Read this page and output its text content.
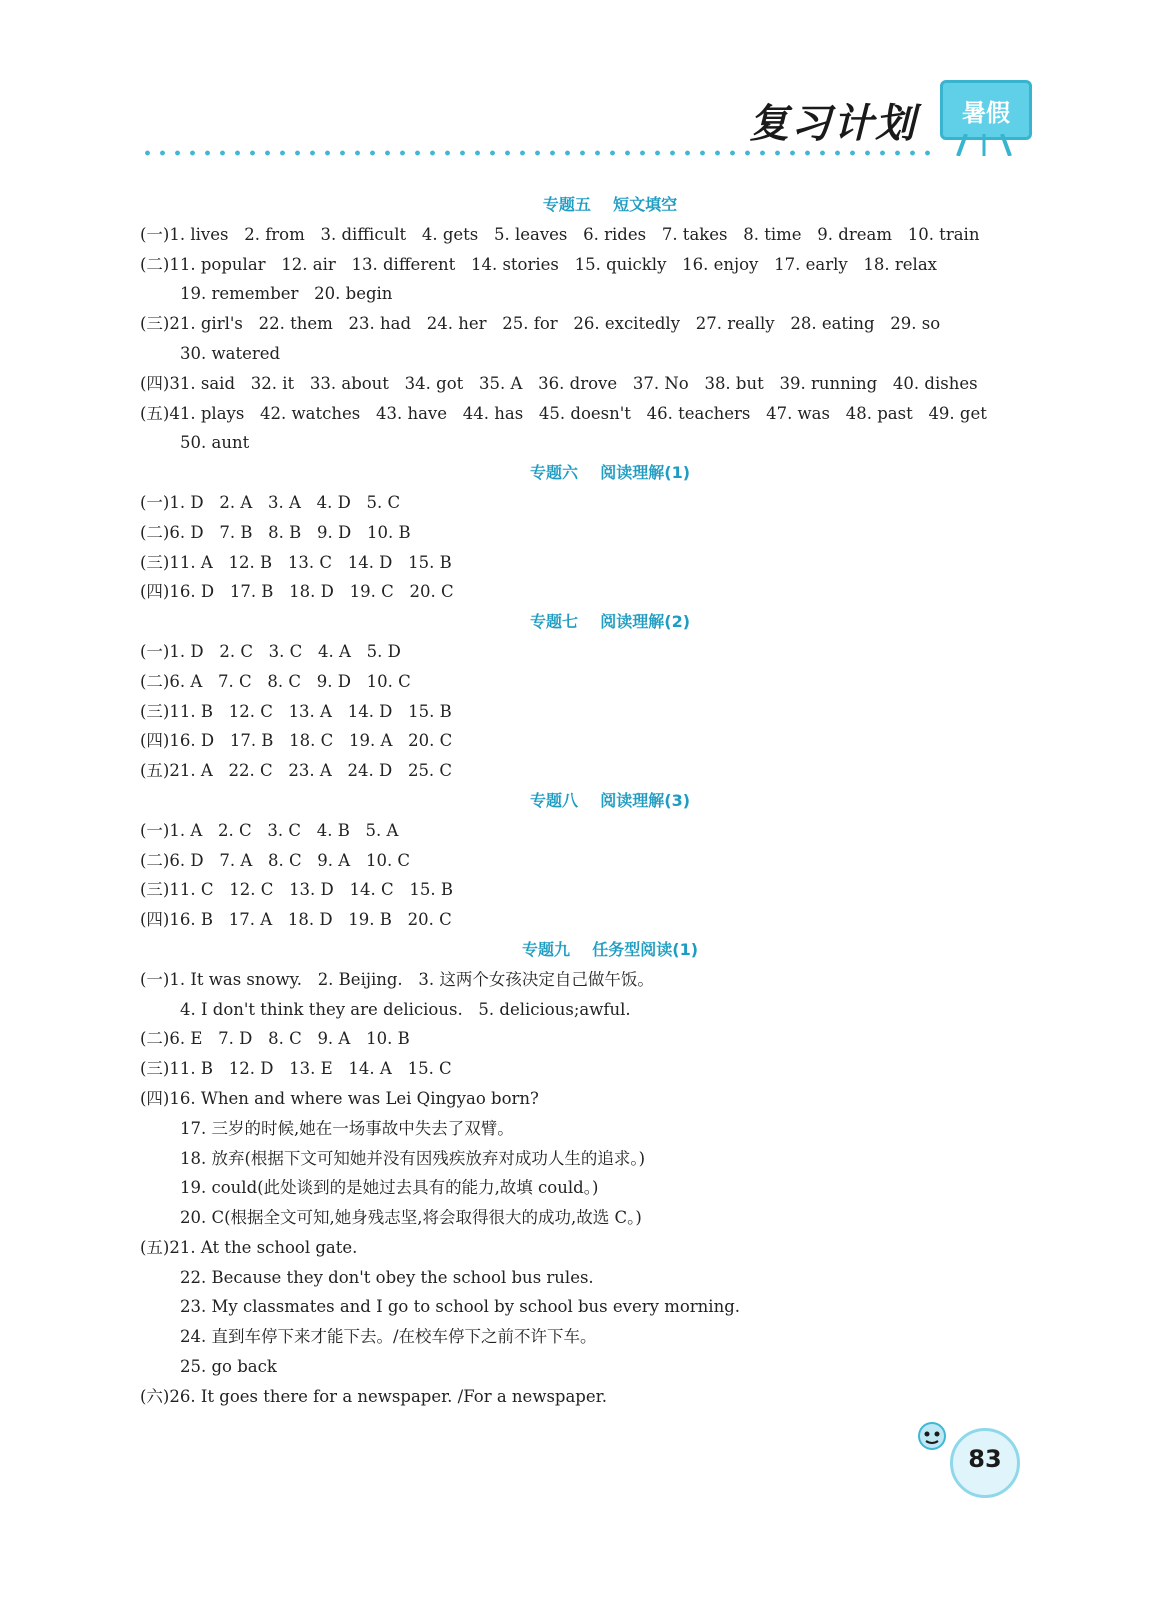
复习计划	暑假
专题五    短文填空
(一)1. lives   2. from   3. difficult   4. gets   5. leaves   6. rides   7. takes   8. time   9. dream   10. train
(二)11. popular   12. air   13. different   14. stories   15. quickly   16. enjoy   17. early   18. relax
19. remember   20. begin
(三)21. girl's   22. them   23. had   24. her   25. for   26. excitedly   27. really   28. eating   29. so
30. watered
(四)31. said   32. it   33. about   34. got   35. A   36. drove   37. No   38. but   39. running   40. dishes
(五)41. plays   42. watches   43. have   44. has   45. doesn't   46. teachers   47. was   48. past   49. get
50. aunt
专题六    阅读理解(1)
(一)1. D   2. A   3. A   4. D   5. C
(二)6. D   7. B   8. B   9. D   10. B
(三)11. A   12. B   13. C   14. D   15. B
(四)16. D   17. B   18. D   19. C   20. C
专题七    阅读理解(2)
(一)1. D   2. C   3. C   4. A   5. D
(二)6. A   7. C   8. C   9. D   10. C
(三)11. B   12. C   13. A   14. D   15. B
(四)16. D   17. B   18. C   19. A   20. C
(五)21. A   22. C   23. A   24. D   25. C
专题八    阅读理解(3)
(一)1. A   2. C   3. C   4. B   5. A
(二)6. D   7. A   8. C   9. A   10. C
(三)11. C   12. C   13. D   14. C   15. B
(四)16. B   17. A   18. D   19. B   20. C
专题九    任务型阅读(1)
(一)1. It was snowy.   2. Beijing.   3. 这两个女孩决定自己做午饭。
4. I don't think they are delicious.   5. delicious;awful.
(二)6. E   7. D   8. C   9. A   10. B
(三)11. B   12. D   13. E   14. A   15. C
(四)16. When and where was Lei Qingyao born?
17. 三岁的时候,她在一场事故中失去了双臂。
18. 放弃(根据下文可知她并没有因残疾放弃对成功人生的追求。)
19. could(此处谈到的是她过去具有的能力,故填 could。)
20. C(根据全文可知,她身残志坚,将会取得很大的成功,故选 C。)
(五)21. At the school gate.
22. Because they don't obey the school bus rules.
23. My classmates and I go to school by school bus every morning.
24. 直到车停下来才能下去。/在校车停下之前不许下车。
25. go back
(六)26. It goes there for a newspaper. /For a newspaper.
83
